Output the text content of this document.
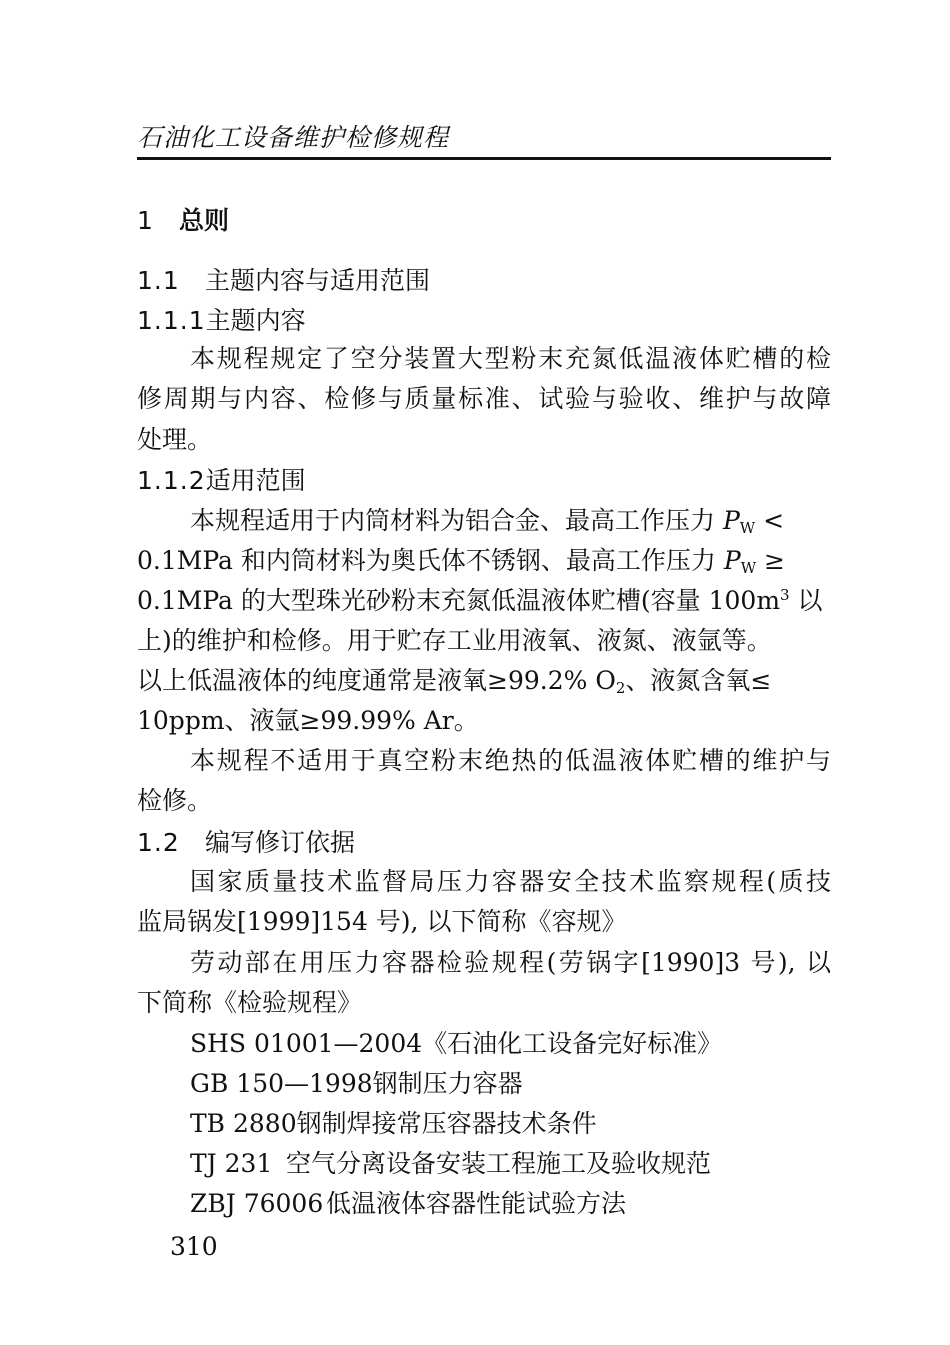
石油化工设备维护检修规程
1 总则
1.1 主题内容与适用范围
1.1.1主题内容
本规程规定了空分装置大型粉末充氮低温液体贮槽的检
修周期与内容、检修与质量标准、试验与验收、维护与故障
处理。
1.1.2适用范围
本规程适用于内筒材料为铝合金、最高工作压力 $P_W$ <
0.1MPa 和内筒材料为奥氏体不锈钢、最高工作压力 $P_W$ ≥
0.1MPa 的大型珠光砂粉末充氮低温液体贮槽(容量 $100m^3$ 以
上)的维护和检修。用于贮存工业用液氧、液氮、液氩等。
以上低温液体的纯度通常是液氧≥99.2% $O_2$、液氮含氧≤
10ppm、液氩≥99.99% Ar。
本规程不适用于真空粉末绝热的低温液体贮槽的维护与
检修。
1.2 编写修订依据
国家质量技术监督局压力容器安全技术监察规程(质技
监局锅发[1999]154 号), 以下简称《容规》
劳动部在用压力容器检验规程(劳锅字[1990]3 号), 以
下简称《检验规程》
SHS 01001—2004《石油化工设备完好标准》
GB 150—1998钢制压力容器
TB 2880钢制焊接常压容器技术条件
TJ 231 空气分离设备安装工程施工及验收规范
ZBJ 76006 低温液体容器性能试验方法
310
